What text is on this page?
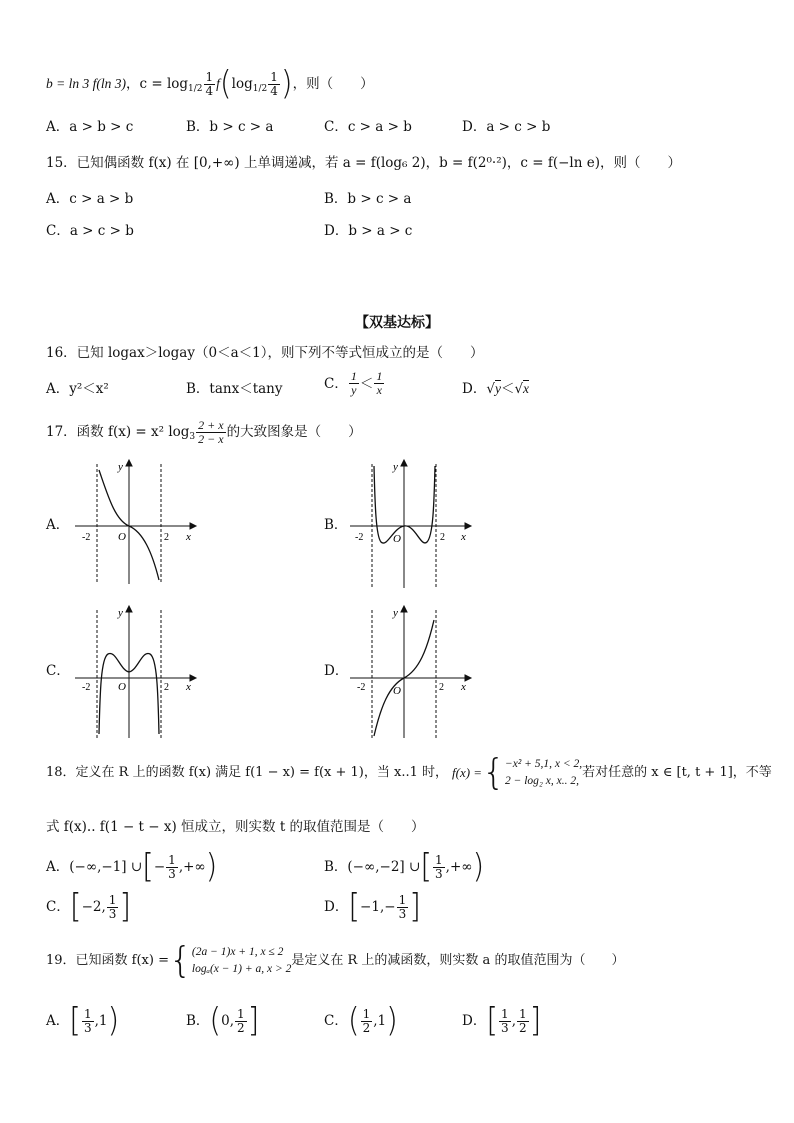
b = ln 3 f(ln 3) ，$c = \log_{1/2} \frac{1}{4}$ f ( $\log_{1/2} \frac{1}{4}$ ) ，则（　　）
A．a > b > c	B．b > c > a	C．c > a > b	D．a > c > b
15．已知偶函数 f(x) 在 [0,+∞) 上单调递减，若 a = f(log₆ 2)，b = f(2⁰·²)，c = f(−ln e)，则（　　）
A．c > a > b	B．b > c > a
C．a > c > b	D．b > a > c
【双基达标】
16．已知 logax＞logay（0＜a＜1），则下列不等式恒成立的是（　　）
A．y²＜x²	B．tanx＜tany	C． $\frac{1}{y} < \frac{1}{x}$	D．√y＜√x
17．函数 f(x) = x² $\log_3 \frac{2 + x}{2 - x}$ 的大致图象是（　　）
A．	B．
C．	D．
y
x
O
-2	2
y
x
O
-2	2
y
x
O
-2	2
y
x
O
-2	2
18．定义在 R 上的函数 f(x) 满足 f(1 − x) = f(x + 1)，当 x..1 时， f(x) = { −x² + 5,1, x < 2,
2 − log₂ x, x.. 2,
若对任意的 x ∈ [t, t + 1]，不等
式 f(x).. f(1 − t − x) 恒成立，则实数 t 的取值范围是（　　）
A．(−∞,−1] ∪ [ − $\frac{1}{3}$ ,+∞ )	B．(−∞,−2] ∪ [ $\frac{1}{3}$ ,+∞ )
C． [ −2, $\frac{1}{3}$ ]	D． [ $-1,- \frac{1}{3}$ ]
19．已知函数 f(x) = { (2a − 1)x + 1, x ≤ 2
logₐ(x − 1) + a, x > 2
是定义在 R 上的减函数，则实数 a 的取值范围为（　　）
A． [ $\frac{1}{3} ,1$ )	B． ( 0, $\frac{1}{2}$ ]	C． ( $\frac{1}{2} ,1$ )	D． [ $\frac{1}{3}$ , $\frac{1}{2}$ ]
